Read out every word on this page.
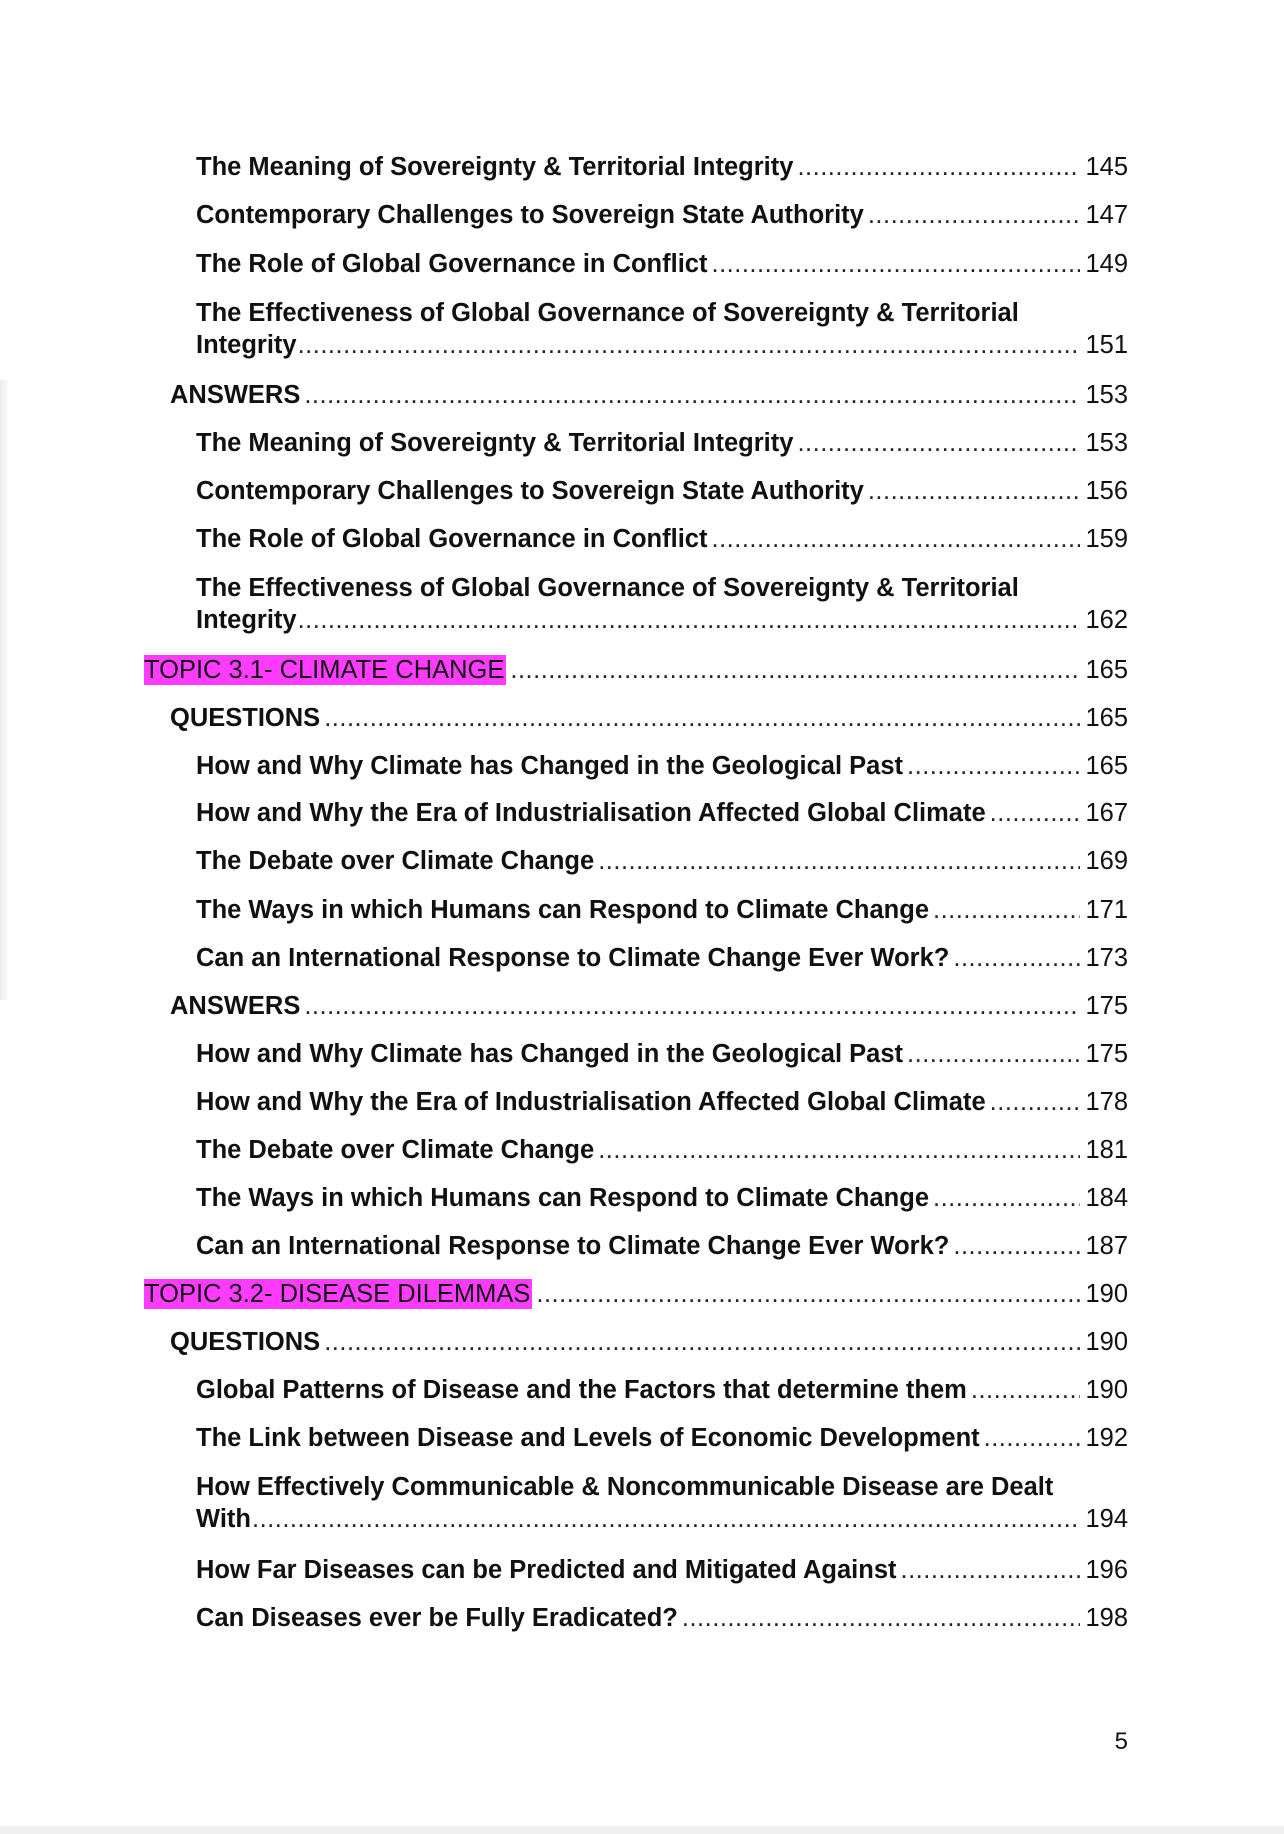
The Meaning of Sovereignty & Territorial Integrity .....	145
Contemporary Challenges to Sovereign State Authority .....	147
The Role of Global Governance in Conflict .....	149
The Effectiveness of Global Governance of Sovereignty & Territorial
Integrity .....	151
ANSWERS .....	153
The Meaning of Sovereignty & Territorial Integrity .....	153
Contemporary Challenges to Sovereign State Authority .....	156
The Role of Global Governance in Conflict .....	159
The Effectiveness of Global Governance of Sovereignty & Territorial
Integrity .....	162
TOPIC 3.1- CLIMATE CHANGE .....	165
QUESTIONS .....	165
How and Why Climate has Changed in the Geological Past .....	165
How and Why the Era of Industrialisation Affected Global Climate .....	167
The Debate over Climate Change .....	169
The Ways in which Humans can Respond to Climate Change .....	171
Can an International Response to Climate Change Ever Work? .....	173
ANSWERS .....	175
How and Why Climate has Changed in the Geological Past .....	175
How and Why the Era of Industrialisation Affected Global Climate .....	178
The Debate over Climate Change .....	181
The Ways in which Humans can Respond to Climate Change .....	184
Can an International Response to Climate Change Ever Work? .....	187
TOPIC 3.2- DISEASE DILEMMAS .....	190
QUESTIONS .....	190
Global Patterns of Disease and the Factors that determine them .....	190
The Link between Disease and Levels of Economic Development .....	192
How Effectively Communicable & Noncommunicable Disease are Dealt
With .....	194
How Far Diseases can be Predicted and Mitigated Against .....	196
Can Diseases ever be Fully Eradicated? .....	198
5
